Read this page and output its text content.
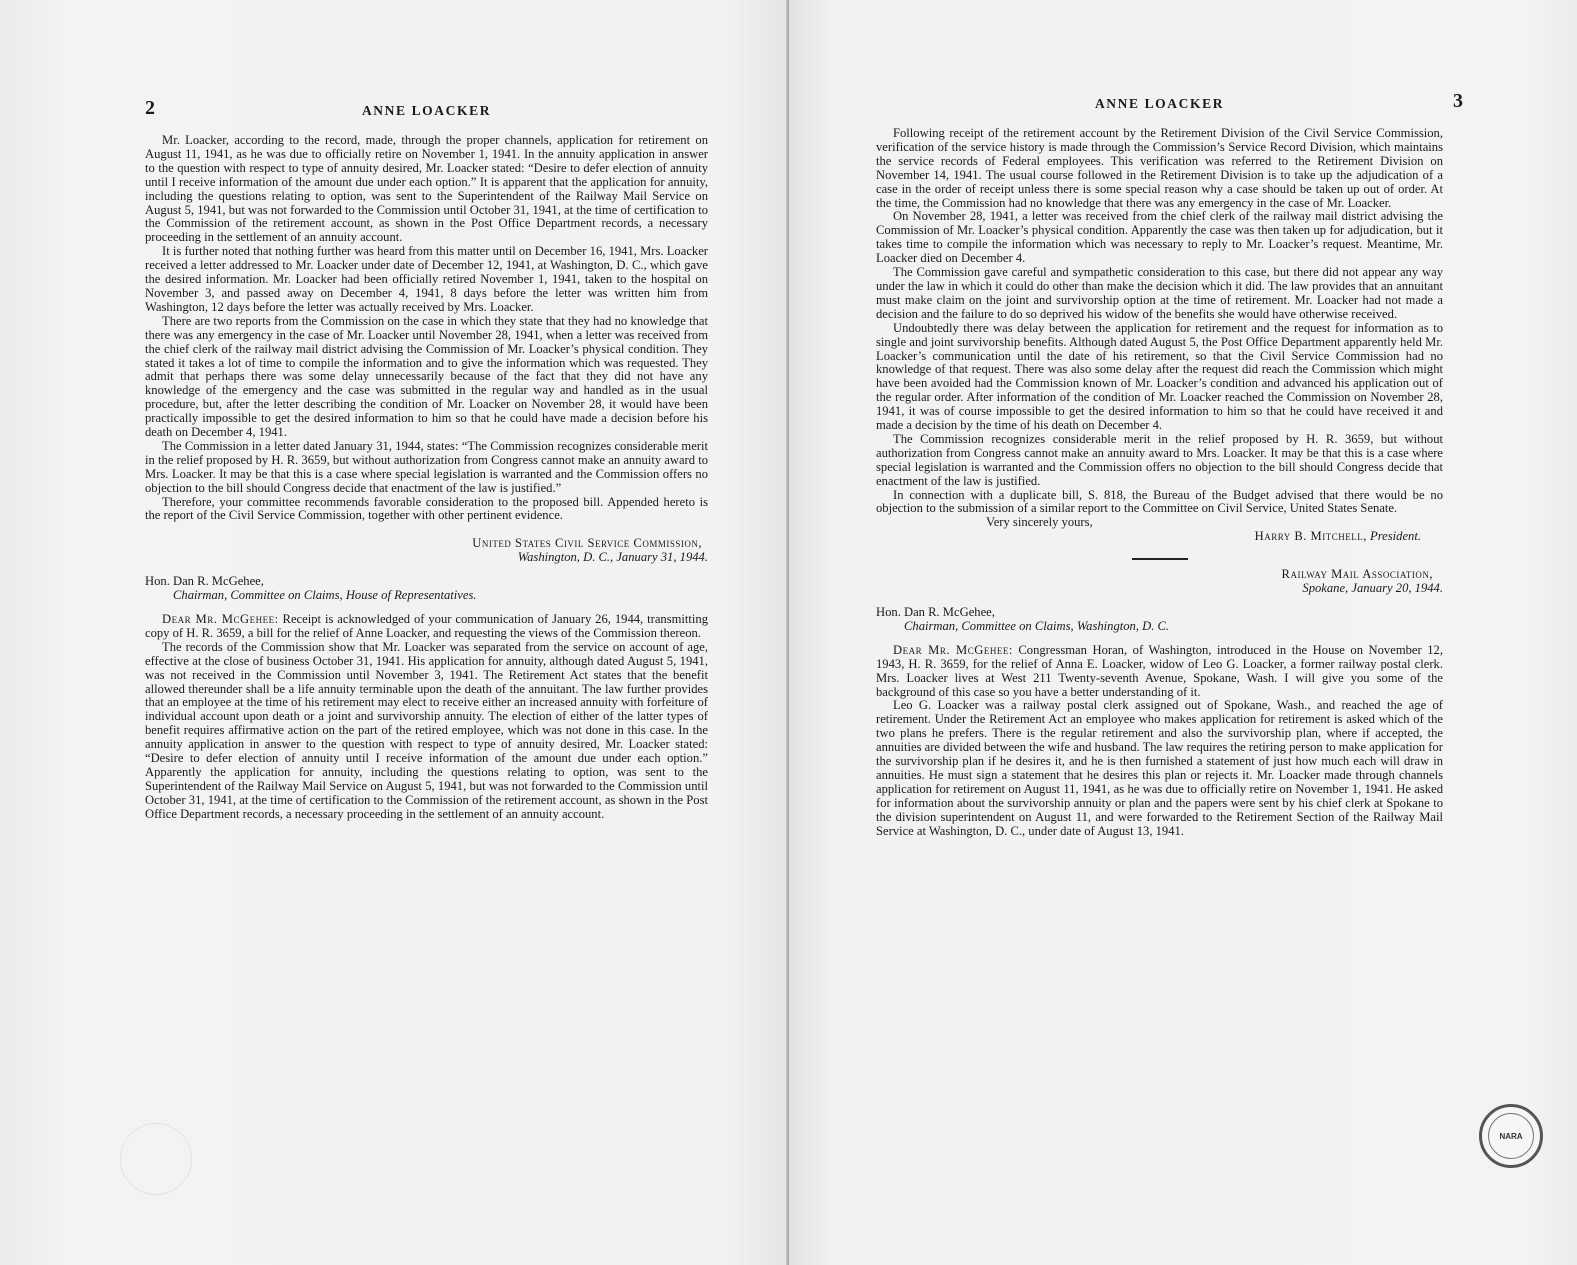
2	ANNE LOACKER

Mr. Loacker, according to the record, made, through the proper channels, application for retirement on August 11, 1941, as he was due to officially retire on November 1, 1941. In the annuity application in answer to the question with respect to type of annuity desired, Mr. Loacker stated: “Desire to defer election of annuity until I receive information of the amount due under each option.” It is apparent that the application for annuity, including the questions relating to option, was sent to the Superintendent of the Railway Mail Service on August 5, 1941, but was not forwarded to the Commission until October 31, 1941, at the time of certification to the Commission of the retirement account, as shown in the Post Office Department records, a necessary proceeding in the settlement of an annuity account.

It is further noted that nothing further was heard from this matter until on December 16, 1941, Mrs. Loacker received a letter addressed to Mr. Loacker under date of December 12, 1941, at Washington, D. C., which gave the desired information. Mr. Loacker had been officially retired November 1, 1941, taken to the hospital on November 3, and passed away on December 4, 1941, 8 days before the letter was written him from Washington, 12 days before the letter was actually received by Mrs. Loacker.

There are two reports from the Commission on the case in which they state that they had no knowledge that there was any emergency in the case of Mr. Loacker until November 28, 1941, when a letter was received from the chief clerk of the railway mail district advising the Commission of Mr. Loacker’s physical condition. They stated it takes a lot of time to compile the information and to give the information which was requested. They admit that perhaps there was some delay unnecessarily because of the fact that they did not have any knowledge of the emergency and the case was submitted in the regular way and handled as in the usual procedure, but, after the letter describing the condition of Mr. Loacker on November 28, it would have been practically impossible to get the desired information to him so that he could have made a decision before his death on December 4, 1941.

The Commission in a letter dated January 31, 1944, states: “The Commission recognizes considerable merit in the relief proposed by H. R. 3659, but without authorization from Congress cannot make an annuity award to Mrs. Loacker. It may be that this is a case where special legislation is warranted and the Commission offers no objection to the bill should Congress decide that enactment of the law is justified.”

Therefore, your committee recommends favorable consideration to the proposed bill. Appended hereto is the report of the Civil Service Commission, together with other pertinent evidence.

United States Civil Service Commission,

Washington, D. C., January 31, 1944.

Hon. Dan R. McGehee,

Chairman, Committee on Claims, House of Representatives.

Dear Mr. McGehee: Receipt is acknowledged of your communication of January 26, 1944, transmitting copy of H. R. 3659, a bill for the relief of Anne Loacker, and requesting the views of the Commission thereon.

The records of the Commission show that Mr. Loacker was separated from the service on account of age, effective at the close of business October 31, 1941. His application for annuity, although dated August 5, 1941, was not received in the Commission until November 3, 1941. The Retirement Act states that the benefit allowed thereunder shall be a life annuity terminable upon the death of the annuitant. The law further provides that an employee at the time of his retirement may elect to receive either an increased annuity with forfeiture of individual account upon death or a joint and survivorship annuity. The election of either of the latter types of benefit requires affirmative action on the part of the retired employee, which was not done in this case. In the annuity application in answer to the question with respect to type of annuity desired, Mr. Loacker stated: “Desire to defer election of annuity until I receive information of the amount due under each option.” Apparently the application for annuity, including the questions relating to option, was sent to the Superintendent of the Railway Mail Service on August 5, 1941, but was not forwarded to the Commission until October 31, 1941, at the time of certification to the Commission of the retirement account, as shown in the Post Office Department records, a necessary proceeding in the settlement of an annuity account.

ANNE LOACKER	3

Following receipt of the retirement account by the Retirement Division of the Civil Service Commission, verification of the service history is made through the Commission’s Service Record Division, which maintains the service records of Federal employees. This verification was referred to the Retirement Division on November 14, 1941. The usual course followed in the Retirement Division is to take up the adjudication of a case in the order of receipt unless there is some special reason why a case should be taken up out of order. At the time, the Commission had no knowledge that there was any emergency in the case of Mr. Loacker.

On November 28, 1941, a letter was received from the chief clerk of the railway mail district advising the Commission of Mr. Loacker’s physical condition. Apparently the case was then taken up for adjudication, but it takes time to compile the information which was necessary to reply to Mr. Loacker’s request. Meantime, Mr. Loacker died on December 4.

The Commission gave careful and sympathetic consideration to this case, but there did not appear any way under the law in which it could do other than make the decision which it did. The law provides that an annuitant must make claim on the joint and survivorship option at the time of retirement. Mr. Loacker had not made a decision and the failure to do so deprived his widow of the benefits she would have otherwise received.

Undoubtedly there was delay between the application for retirement and the request for information as to single and joint survivorship benefits. Although dated August 5, the Post Office Department apparently held Mr. Loacker’s communication until the date of his retirement, so that the Civil Service Commission had no knowledge of that request. There was also some delay after the request did reach the Commission which might have been avoided had the Commission known of Mr. Loacker’s condition and advanced his application out of the regular order. After information of the condition of Mr. Loacker reached the Commission on November 28, 1941, it was of course impossible to get the desired information to him so that he could have received it and made a decision by the time of his death on December 4.

The Commission recognizes considerable merit in the relief proposed by H. R. 3659, but without authorization from Congress cannot make an annuity award to Mrs. Loacker. It may be that this is a case where special legislation is warranted and the Commission offers no objection to the bill should Congress decide that enactment of the law is justified.

In connection with a duplicate bill, S. 818, the Bureau of the Budget advised that there would be no objection to the submission of a similar report to the Committee on Civil Service, United States Senate.

Very sincerely yours,

Harry B. Mitchell, President.

Railway Mail Association,

Spokane, January 20, 1944.

Hon. Dan R. McGehee,

Chairman, Committee on Claims, Washington, D. C.

Dear Mr. McGehee: Congressman Horan, of Washington, introduced in the House on November 12, 1943, H. R. 3659, for the relief of Anna E. Loacker, widow of Leo G. Loacker, a former railway postal clerk. Mrs. Loacker lives at West 211 Twenty-seventh Avenue, Spokane, Wash. I will give you some of the background of this case so you have a better understanding of it.

Leo G. Loacker was a railway postal clerk assigned out of Spokane, Wash., and reached the age of retirement. Under the Retirement Act an employee who makes application for retirement is asked which of the two plans he prefers. There is the regular retirement and also the survivorship plan, where if accepted, the annuities are divided between the wife and husband. The law requires the retiring person to make application for the survivorship plan if he desires it, and he is then furnished a statement of just how much each will draw in annuities. He must sign a statement that he desires this plan or rejects it. Mr. Loacker made through channels application for retirement on August 11, 1941, as he was due to officially retire on November 1, 1941. He asked for information about the survivorship annuity or plan and the papers were sent by his chief clerk at Spokane to the division superintendent on August 11, and were forwarded to the Retirement Section of the Railway Mail Service at Washington, D. C., under date of August 13, 1941.

NARA
